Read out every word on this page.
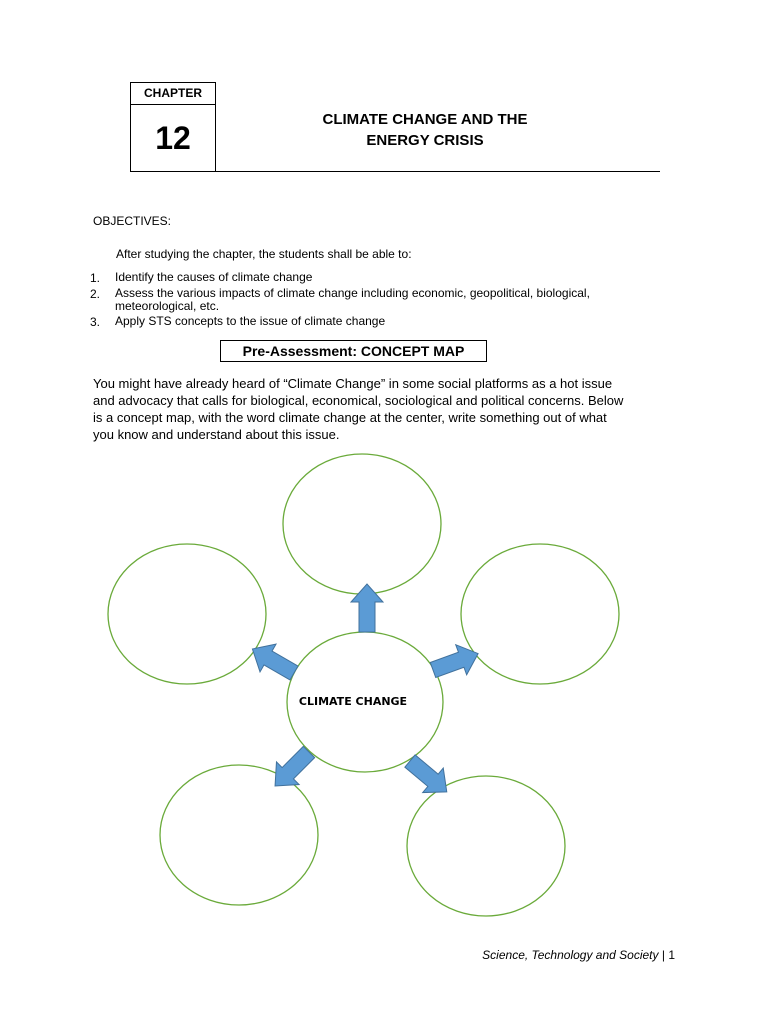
CHAPTER
12
CLIMATE CHANGE AND THE
ENERGY CRISIS
OBJECTIVES:
After studying the chapter, the students shall be able to:
1.	Identify the causes of climate change
2.	Assess the various impacts of climate change including economic, geopolitical, biological, meteorological, etc.
3.	Apply STS concepts to the issue of climate change
Pre-Assessment: CONCEPT MAP
You might have already heard of “Climate Change” in some social platforms as a hot issue
and advocacy that calls for biological, economical, sociological and political concerns. Below
is a concept map, with the word climate change at the center, write something out of what
you know and understand about this issue.
CLIMATE CHANGE
Science, Technology and Society | 1
